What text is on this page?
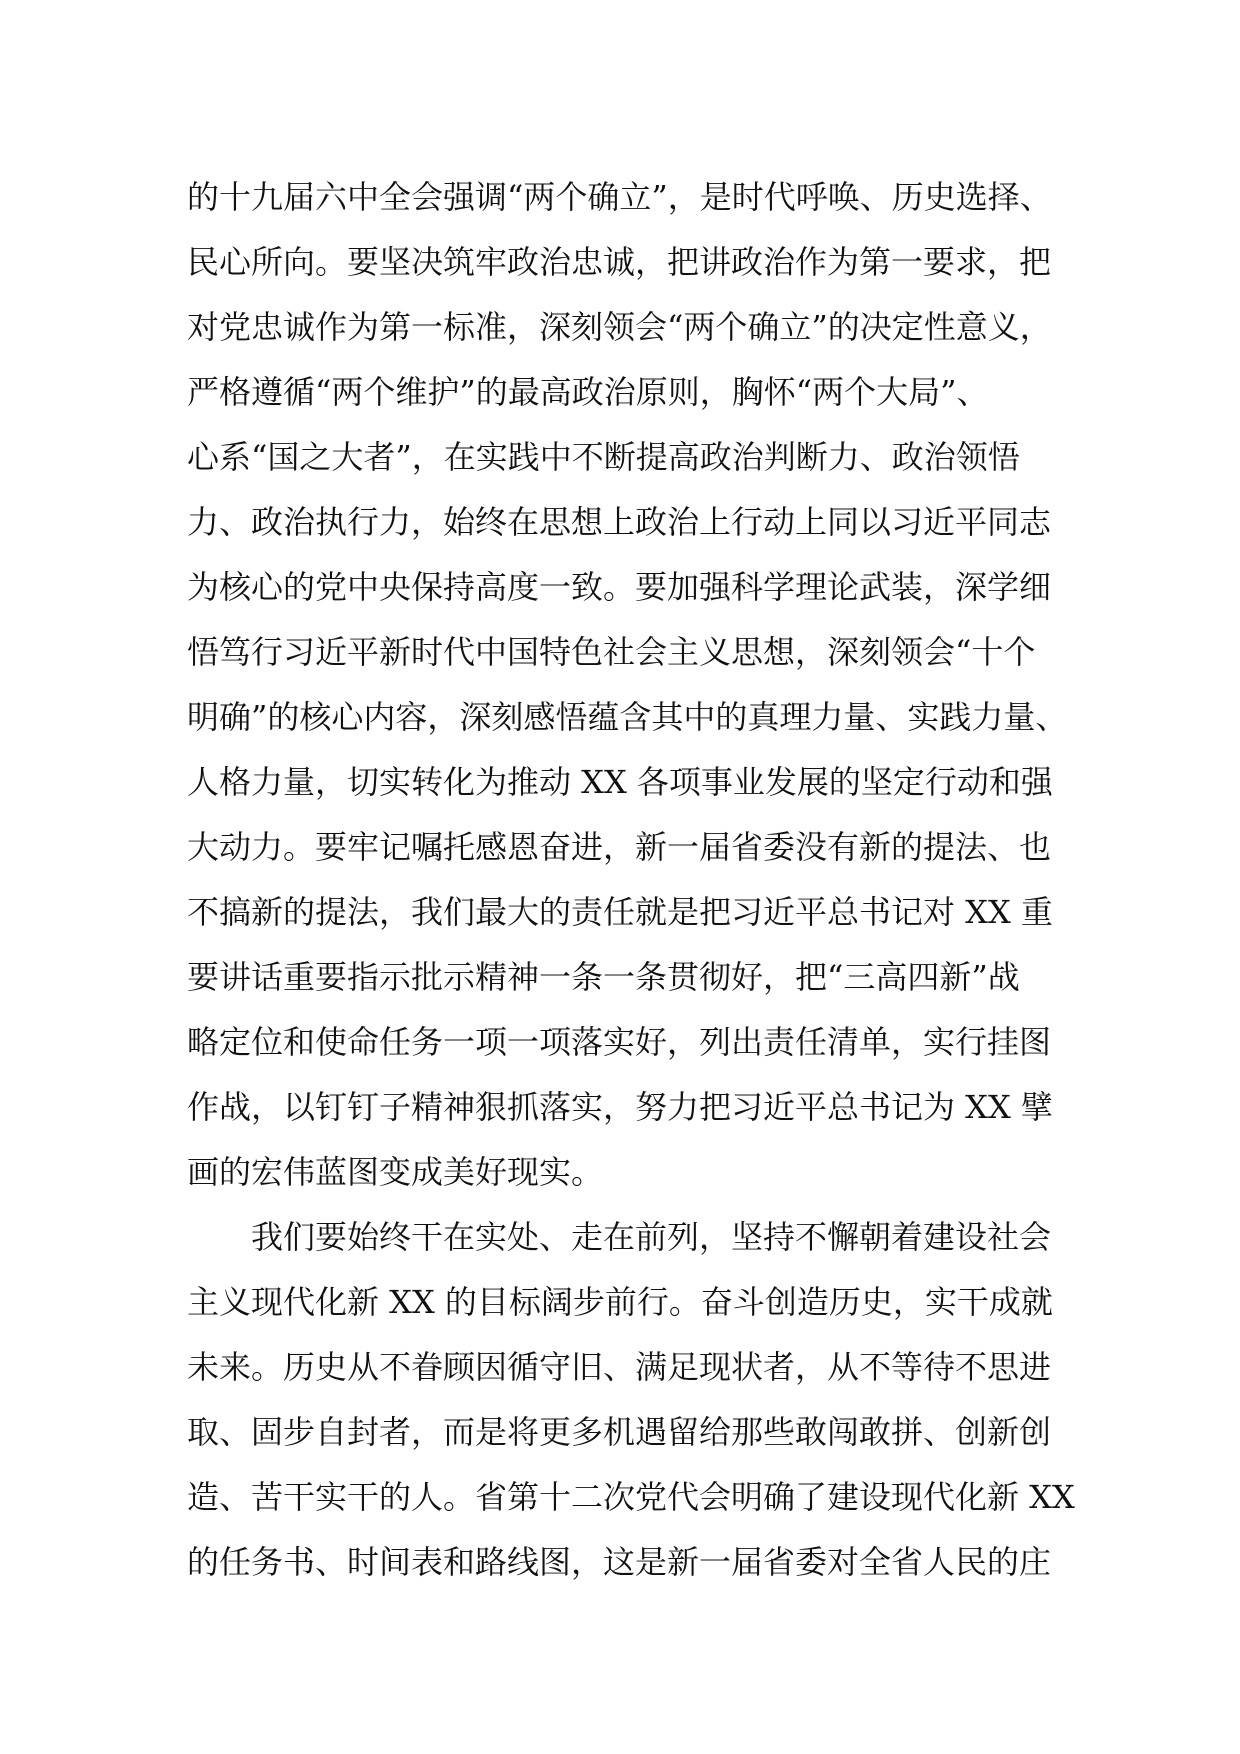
的十九届六中全会强调“两个确立”，是时代呼唤、历史选择、
民心所向。要坚决筑牢政治忠诚，把讲政治作为第一要求，把
对党忠诚作为第一标准，深刻领会“两个确立”的决定性意义，
严格遵循“两个维护”的最高政治原则，胸怀“两个大局”、
心系“国之大者”，在实践中不断提高政治判断力、政治领悟
力、政治执行力，始终在思想上政治上行动上同以习近平同志
为核心的党中央保持高度一致。要加强科学理论武装，深学细
悟笃行习近平新时代中国特色社会主义思想，深刻领会“十个
明确”的核心内容，深刻感悟蕴含其中的真理力量、实践力量、
人格力量，切实转化为推动 XX 各项事业发展的坚定行动和强
大动力。要牢记嘱托感恩奋进，新一届省委没有新的提法、也
不搞新的提法，我们最大的责任就是把习近平总书记对 XX 重
要讲话重要指示批示精神一条一条贯彻好，把“三高四新”战
略定位和使命任务一项一项落实好，列出责任清单，实行挂图
作战，以钉钉子精神狠抓落实，努力把习近平总书记为 XX 擘
画的宏伟蓝图变成美好现实。
我们要始终干在实处、走在前列，坚持不懈朝着建设社会
主义现代化新 XX 的目标阔步前行。奋斗创造历史，实干成就
未来。历史从不眷顾因循守旧、满足现状者，从不等待不思进
取、固步自封者，而是将更多机遇留给那些敢闯敢拼、创新创
造、苦干实干的人。省第十二次党代会明确了建设现代化新 XX
的任务书、时间表和路线图，这是新一届省委对全省人民的庄
